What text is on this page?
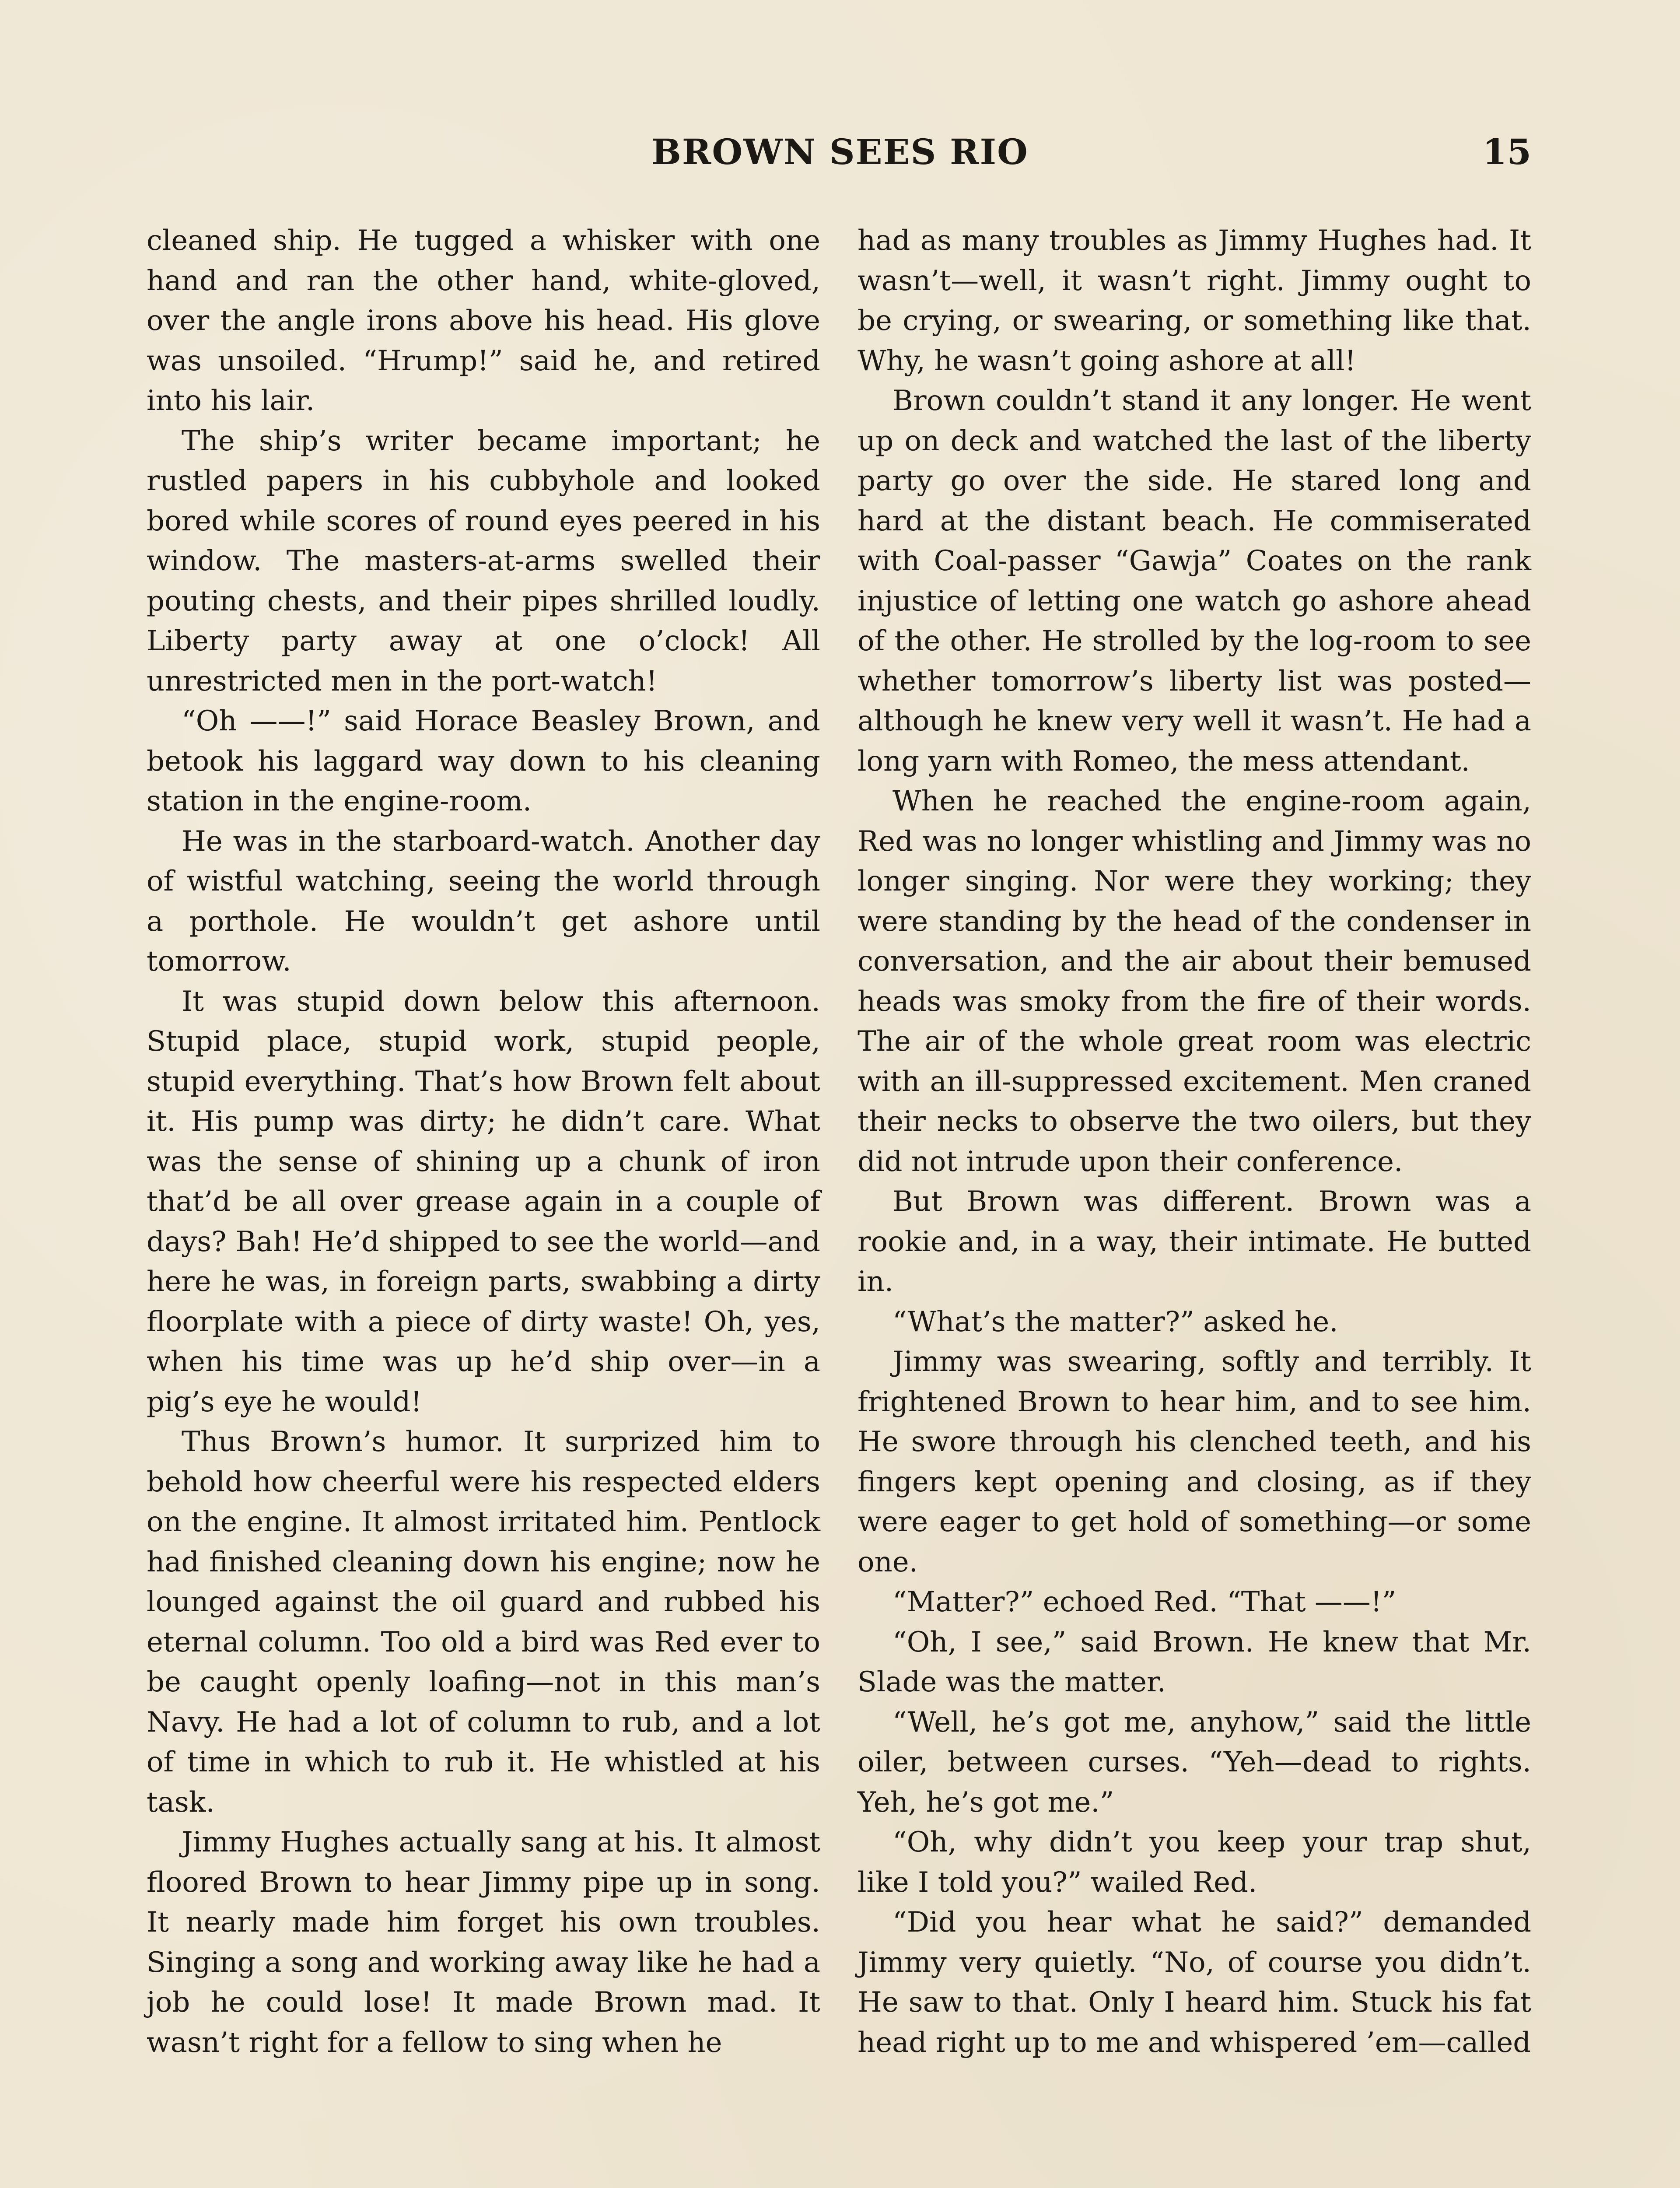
BROWN SEES RIO	15

cleaned ship. He tugged a whisker with one hand and ran the other hand, white-gloved, over the angle irons above his head. His glove was unsoiled. “Hrump!” said he, and retired into his lair.

The ship’s writer became important; he rustled papers in his cubbyhole and looked bored while scores of round eyes peered in his window. The masters-at-arms swelled their pouting chests, and their pipes shrilled loudly. Liberty party away at one o’clock! All unrestricted men in the port-watch!

“Oh ——!” said Horace Beasley Brown, and betook his laggard way down to his cleaning station in the engine-room.

He was in the starboard-watch. Another day of wistful watching, seeing the world through a porthole. He wouldn’t get ashore until tomorrow.

It was stupid down below this afternoon. Stupid place, stupid work, stupid people, stupid everything. That’s how Brown felt about it. His pump was dirty; he didn’t care. What was the sense of shining up a chunk of iron that’d be all over grease again in a couple of days? Bah! He’d shipped to see the world—and here he was, in foreign parts, swabbing a dirty floorplate with a piece of dirty waste! Oh, yes, when his time was up he’d ship over—in a pig’s eye he would!

Thus Brown’s humor. It surprized him to behold how cheerful were his respected elders on the engine. It almost irritated him. Pentlock had finished cleaning down his engine; now he lounged against the oil guard and rubbed his eternal column. Too old a bird was Red ever to be caught openly loafing—not in this man’s Navy. He had a lot of column to rub, and a lot of time in which to rub it. He whistled at his task.

Jimmy Hughes actually sang at his. It almost floored Brown to hear Jimmy pipe up in song. It nearly made him forget his own troubles. Singing a song and working away like he had a job he could lose! It made Brown mad. It wasn’t right for a fellow to sing when he

had as many troubles as Jimmy Hughes had. It wasn’t—well, it wasn’t right. Jimmy ought to be crying, or swearing, or something like that. Why, he wasn’t going ashore at all!

Brown couldn’t stand it any longer. He went up on deck and watched the last of the liberty party go over the side. He stared long and hard at the distant beach. He commiserated with Coal-passer “Gawja” Coates on the rank injustice of letting one watch go ashore ahead of the other. He strolled by the log-room to see whether tomorrow’s liberty list was posted—although he knew very well it wasn’t. He had a long yarn with Romeo, the mess attendant.

When he reached the engine-room again, Red was no longer whistling and Jimmy was no longer singing. Nor were they working; they were standing by the head of the condenser in conversation, and the air about their bemused heads was smoky from the fire of their words. The air of the whole great room was electric with an ill-suppressed excitement. Men craned their necks to observe the two oilers, but they did not intrude upon their conference.

But Brown was different. Brown was a rookie and, in a way, their intimate. He butted in.

“What’s the matter?” asked he.

Jimmy was swearing, softly and terribly. It frightened Brown to hear him, and to see him. He swore through his clenched teeth, and his fingers kept opening and closing, as if they were eager to get hold of something—or some one.

“Matter?” echoed Red. “That ——!”

“Oh, I see,” said Brown. He knew that Mr. Slade was the matter.

“Well, he’s got me, anyhow,” said the little oiler, between curses. “Yeh—dead to rights. Yeh, he’s got me.”

“Oh, why didn’t you keep your trap shut, like I told you?” wailed Red.

“Did you hear what he said?” demanded Jimmy very quietly. “No, of course you didn’t. He saw to that. Only I heard him. Stuck his fat head right up to me and whispered ’em—called
